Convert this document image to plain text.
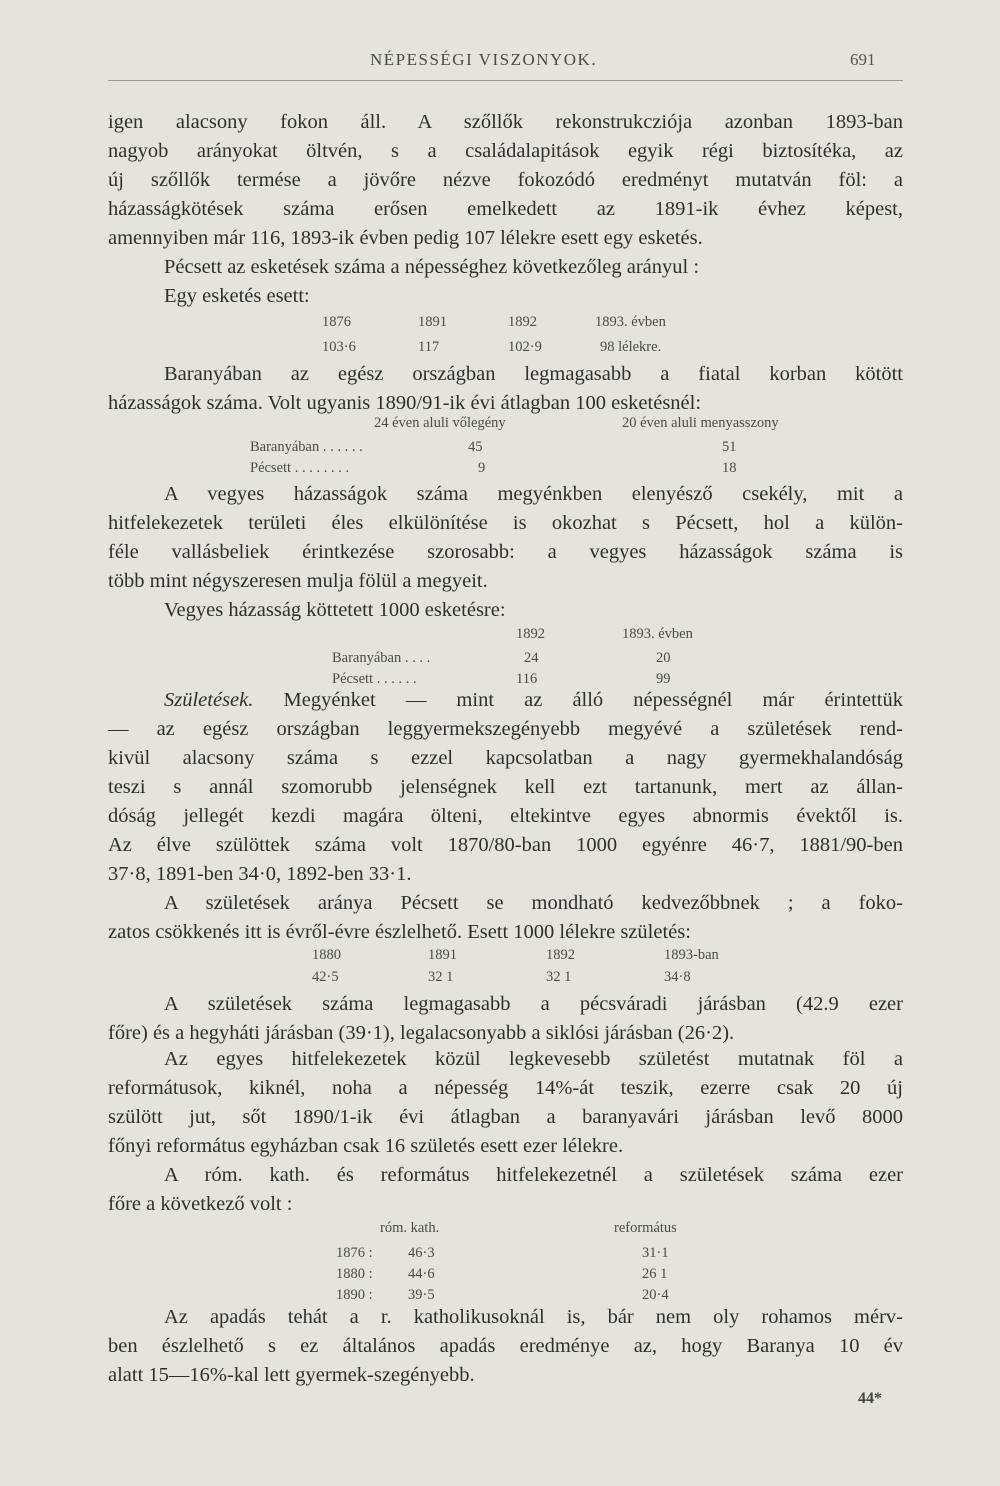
NÉPESSÉGI VISZONYOK.	691
igen alacsony fokon áll. A szőllők rekonstrukcziója azonban 1893-ban
nagyob arányokat öltvén, s a családalapitások egyik régi biztosítéka, az
új szőllők termése a jövőre nézve fokozódó eredményt mutatván föl: a
házasságkötések száma erősen emelkedett az 1891-ik évhez képest,
amennyiben már 116, 1893-ik évben pedig 107 lélekre esett egy esketés.
Pécsett az esketések száma a népességhez következőleg arányul :
Egy esketés esett:
1876	1891	1892	1893. évben
103·6	117	102·9	98 lélekre.
Baranyában az egész országban legmagasabb a fiatal korban kötött
házasságok száma. Volt ugyanis 1890/91-ik évi átlagban 100 esketésnél:
24 éven aluli vőlegény	20 éven aluli menyasszony
Baranyában . . . . . .	45	51
Pécsett . . . . . . . .	9	18
A vegyes házasságok száma megyénkben elenyésző csekély, mit a
hitfelekezetek területi éles elkülönítése is okozhat s Pécsett, hol a külön-
féle vallásbeliek érintkezése szorosabb: a vegyes házasságok száma is
több mint négyszeresen mulja fölül a megyeit.
Vegyes házasság köttetett 1000 esketésre:
1892	1893. évben
Baranyában . . . .	24	20
Pécsett . . . . . .	116	99
Születések. Megyénket — mint az álló népességnél már érintettük
— az egész országban leggyermekszegényebb megyévé a születések rend-
kivül alacsony száma s ezzel kapcsolatban a nagy gyermekhalandóság
teszi s annál szomorubb jelenségnek kell ezt tartanunk, mert az állan-
dóság jellegét kezdi magára ölteni, eltekintve egyes abnormis évektől is.
Az élve szülöttek száma volt 1870/80-ban 1000 egyénre 46·7, 1881/90-ben
37·8, 1891-ben 34·0, 1892-ben 33·1.
A születések aránya Pécsett se mondható kedvezőbbnek ; a foko-
zatos csökkenés itt is évről-évre észlelhető. Esett 1000 lélekre születés:
1880	1891	1892	1893-ban
42·5	32 1	32 1	34·8
A születések száma legmagasabb a pécsváradi járásban (42.9 ezer
főre) és a hegyháti járásban (39·1), legalacsonyabb a siklósi járásban (26·2).
Az egyes hitfelekezetek közül legkevesebb születést mutatnak föl a
reformátusok, kiknél, noha a népesség 14%-át teszik, ezerre csak 20 új
szülött jut, sőt 1890/1-ik évi átlagban a baranyavári járásban levő 8000
főnyi református egyházban csak 16 születés esett ezer lélekre.
A róm. kath. és református hitfelekezetnél a születések száma ezer
főre a következő volt :
róm. kath.	református
1876 : 46·3	31·1
1880 : 44·6	26 1
1890 : 39·5	20·4
Az apadás tehát a r. katholikusoknál is, bár nem oly rohamos mérv-
ben észlelhető s ez általános apadás eredménye az, hogy Baranya 10 év
alatt 15—16%-kal lett gyermek-szegényebb.
44*
